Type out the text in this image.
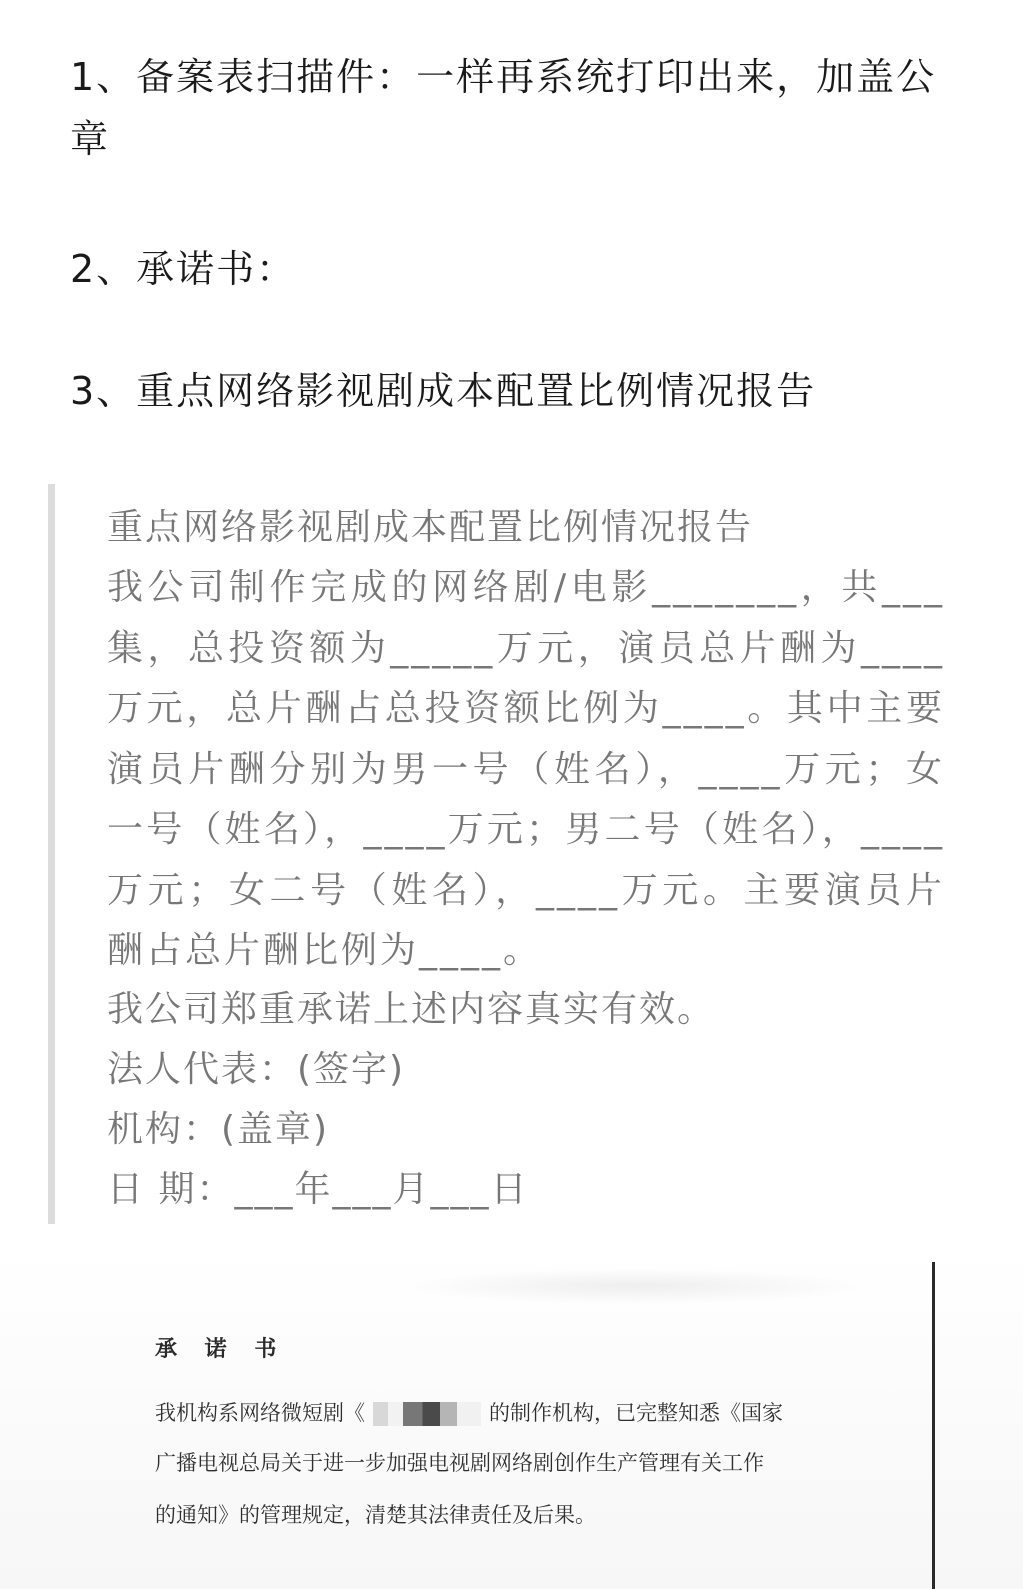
1、备案表扫描件：一样再系统打印出来，加盖公章
2、承诺书：
3、重点网络影视剧成本配置比例情况报告
重点网络影视剧成本配置比例情况报告
我公司制作完成的网络剧/电影_______，共___集，总投资额为_____万元，演员总片酬为____万元，总片酬占总投资额比例为____。其中主要演员片酬分别为男一号（姓名），____万元；女一号（姓名），____万元；男二号（姓名），____万元；女二号（姓名），____万元。主要演员片酬占总片酬比例为____。
我公司郑重承诺上述内容真实有效。
法人代表：(签字)
机构：(盖章)
日 期：___年___月___日
承 诺 书
我机构系网络微短剧《	的制作机构，已完整知悉《国家
广播电视总局关于进一步加强电视剧网络剧创作生产管理有关工作
的通知》的管理规定，清楚其法律责任及后果。
